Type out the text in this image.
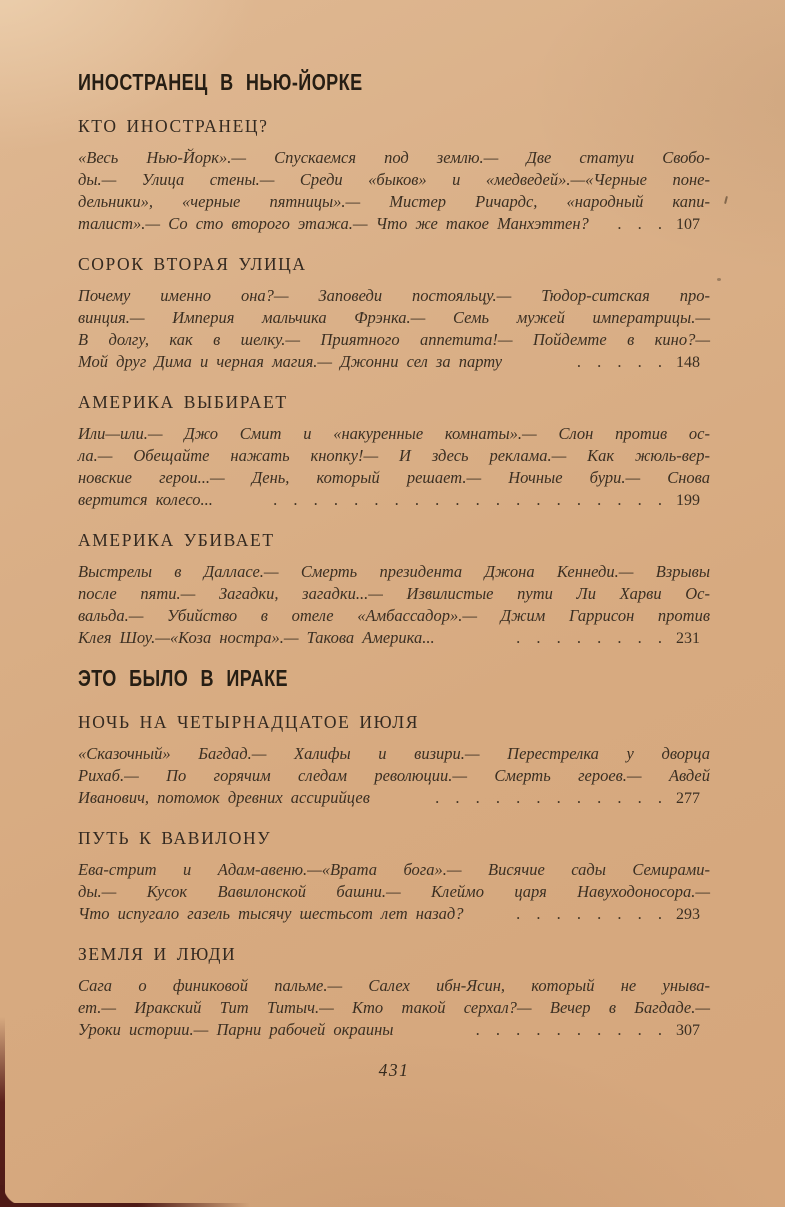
ИНОСТРАНЕЦ В НЬЮ-ЙОРКЕ
КТО ИНОСТРАНЕЦ?
«Весь Нью-Йорк».— Спускаемся под землю.— Две статуи Свобо-
ды.— Улица стены.— Среди «быков» и «медведей».—«Черные поне-
дельники», «черные пятницы».— Мистер Ричардс, «народный капи-
талист».— Со сто второго этажа.— Что же такое Манхэттен?	. . . 107
СОРОК ВТОРАЯ УЛИЦА
Почему именно она?— Заповеди постояльцу.— Тюдор-ситская про-
винция.— Империя мальчика Фрэнка.— Семь мужей императрицы.—
В долгу, как в шелку.— Приятного аппетита!— Пойдемте в кино?—
Мой друг Дима и черная магия.— Джонни сел за парту	. . . . . 148
АМЕРИКА ВЫБИРАЕТ
Или—или.— Джо Смит и «накуренные комнаты».— Слон против ос-
ла.— Обещайте нажать кнопку!— И здесь реклама.— Как жюль-вер-
новские герои...— День, который решает.— Ночные бури.— Снова
вертится колесо...	. . . . . . . . . . . . . . . . . . . . 199
АМЕРИКА УБИВАЕТ
Выстрелы в Далласе.— Смерть президента Джона Кеннеди.— Взрывы
после пяти.— Загадки, загадки...— Извилистые пути Ли Харви Ос-
вальда.— Убийство в отеле «Амбассадор».— Джим Гаррисон против
Клея Шоу.—«Коза ностра».— Такова Америка...	. . . . . . . . 231
ЭТО БЫЛО В ИРАКЕ
НОЧЬ НА ЧЕТЫРНАДЦАТОЕ ИЮЛЯ
«Сказочный» Багдад.— Халифы и визири.— Перестрелка у дворца
Рихаб.— По горячим следам революции.— Смерть героев.— Авдей
Иванович, потомок древних ассирийцев	. . . . . . . . . . . . 277
ПУТЬ К ВАВИЛОНУ
Ева-стрит и Адам-авеню.—«Врата бога».— Висячие сады Семирами-
ды.— Кусок Вавилонской башни.— Клеймо царя Навуходоносора.—
Что испугало газель тысячу шестьсот лет назад?	. . . . . . . . 293
ЗЕМЛЯ И ЛЮДИ
Сага о финиковой пальме.— Салех ибн-Ясин, который не уныва-
ет.— Иракский Тит Титыч.— Кто такой серхал?— Вечер в Багдаде.—
Уроки истории.— Парни рабочей окраины	. . . . . . . . . . 307
431
